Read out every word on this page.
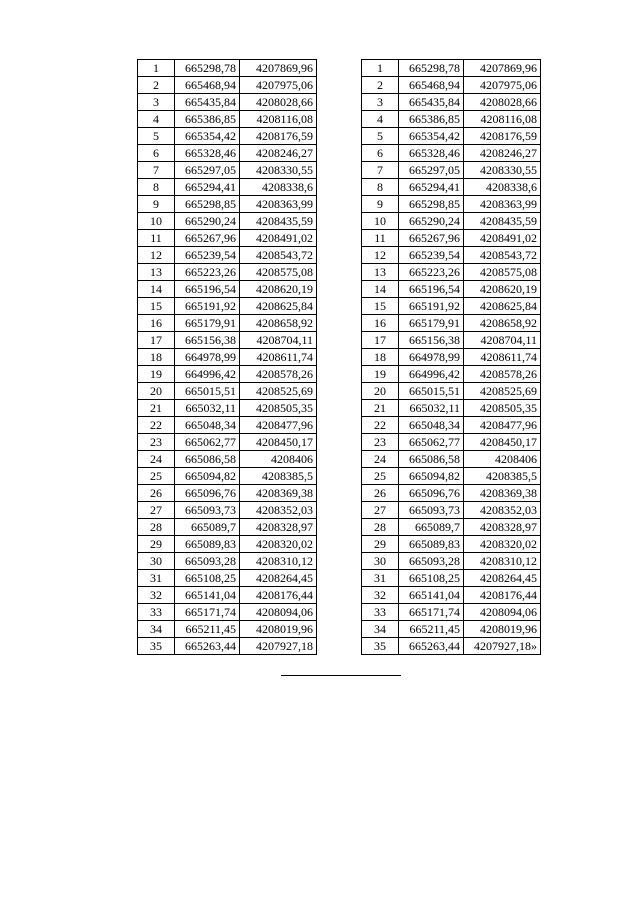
1	665298,78	4207869,96
2	665468,94	4207975,06
3	665435,84	4208028,66
4	665386,85	4208116,08
5	665354,42	4208176,59
6	665328,46	4208246,27
7	665297,05	4208330,55
8	665294,41	4208338,6
9	665298,85	4208363,99
10	665290,24	4208435,59
11	665267,96	4208491,02
12	665239,54	4208543,72
13	665223,26	4208575,08
14	665196,54	4208620,19
15	665191,92	4208625,84
16	665179,91	4208658,92
17	665156,38	4208704,11
18	664978,99	4208611,74
19	664996,42	4208578,26
20	665015,51	4208525,69
21	665032,11	4208505,35
22	665048,34	4208477,96
23	665062,77	4208450,17
24	665086,58	4208406
25	665094,82	4208385,5
26	665096,76	4208369,38
27	665093,73	4208352,03
28	665089,7	4208328,97
29	665089,83	4208320,02
30	665093,28	4208310,12
31	665108,25	4208264,45
32	665141,04	4208176,44
33	665171,74	4208094,06
34	665211,45	4208019,96
35	665263,44	4207927,18
1	665298,78	4207869,96
2	665468,94	4207975,06
3	665435,84	4208028,66
4	665386,85	4208116,08
5	665354,42	4208176,59
6	665328,46	4208246,27
7	665297,05	4208330,55
8	665294,41	4208338,6
9	665298,85	4208363,99
10	665290,24	4208435,59
11	665267,96	4208491,02
12	665239,54	4208543,72
13	665223,26	4208575,08
14	665196,54	4208620,19
15	665191,92	4208625,84
16	665179,91	4208658,92
17	665156,38	4208704,11
18	664978,99	4208611,74
19	664996,42	4208578,26
20	665015,51	4208525,69
21	665032,11	4208505,35
22	665048,34	4208477,96
23	665062,77	4208450,17
24	665086,58	4208406
25	665094,82	4208385,5
26	665096,76	4208369,38
27	665093,73	4208352,03
28	665089,7	4208328,97
29	665089,83	4208320,02
30	665093,28	4208310,12
31	665108,25	4208264,45
32	665141,04	4208176,44
33	665171,74	4208094,06
34	665211,45	4208019,96
35	665263,44	4207927,18»
